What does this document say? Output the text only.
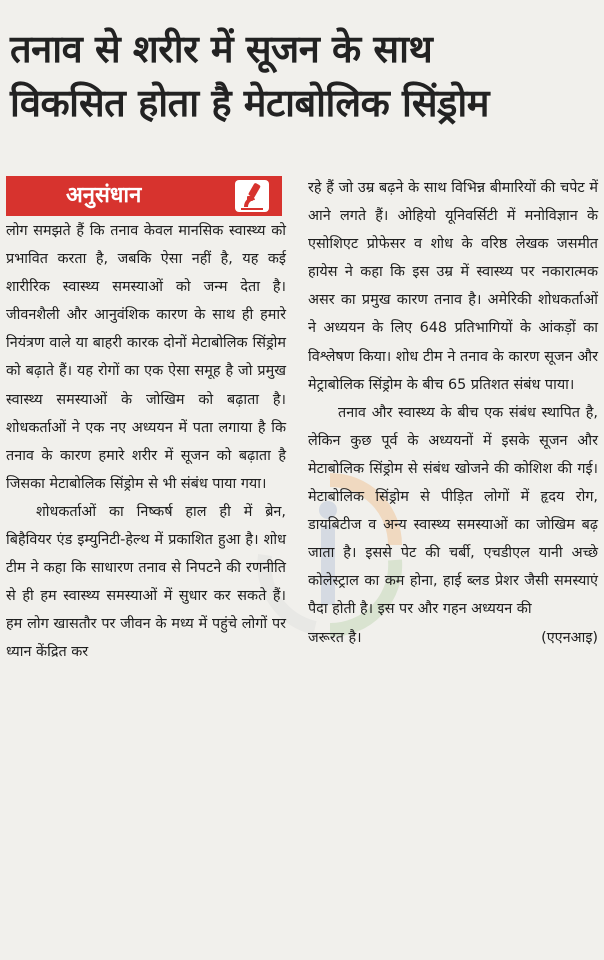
तनाव से शरीर में सूजन के साथ
विकसित होता है मेटाबोलिक सिंड्रोम
अनुसंधान

लोग समझते हैं कि तनाव केवल मानसिक स्वास्थ्य को प्रभावित करता है, जबकि ऐसा नहीं है, यह कई शारीरिक स्वास्थ्य समस्याओं को जन्म देता है। जीवनशैली और आनुवंशिक कारण के साथ ही हमारे नियंत्रण वाले या बाहरी कारक दोनों मेटाबोलिक सिंड्रोम को बढ़ाते हैं। यह रोगों का एक ऐसा समूह है जो प्रमुख स्वास्थ्य समस्याओं के जोखिम को बढ़ाता है। शोधकर्ताओं ने एक नए अध्ययन में पता लगाया है कि तनाव के कारण हमारे शरीर में सूजन को बढ़ाता है जिसका मेटाबोलिक सिंड्रोम से भी संबंध पाया गया।

शोधकर्ताओं का निष्कर्ष हाल ही में ब्रेन, बिहैवियर एंड इम्युनिटी-हेल्थ में प्रकाशित हुआ है। शोध टीम ने कहा कि साधारण तनाव से निपटने की रणनीति से ही हम स्वास्थ्य समस्याओं में सुधार कर सकते हैं। हम लोग खासतौर पर जीवन के मध्य में पहुंचे लोगों पर ध्यान केंद्रित कर

रहे हैं जो उम्र बढ़ने के साथ विभिन्न बीमारियों की चपेट में आने लगते हैं। ओहियो यूनिवर्सिटी में मनोविज्ञान के एसोशिएट प्रोफेसर व शोध के वरिष्ठ लेखक जसमीत हायेस ने कहा कि इस उम्र में स्वास्थ्य पर नकारात्मक असर का प्रमुख कारण तनाव है। अमेरिकी शोधकर्ताओं ने अध्ययन के लिए 648 प्रतिभागियों के आंकड़ों का विश्लेषण किया। शोध टीम ने तनाव के कारण सूजन और मेट्राबोलिक सिंड्रोम के बीच 65 प्रतिशत संबंध पाया।

तनाव और स्वास्थ्य के बीच एक संबंध स्थापित है, लेकिन कुछ पूर्व के अध्ययनों में इसके सूजन और मेटाबोलिक सिंड्रोम से संबंध खोजने की कोशिश की गई। मेटाबोलिक सिंड्रोम से पीड़ित लोगों में हृदय रोग, डायबिटीज व अन्य स्वास्थ्य समस्याओं का जोखिम बढ़ जाता है। इससे पेट की चर्बी, एचडीएल यानी अच्छे कोलेस्ट्राल का कम होना, हाई ब्लड प्रेशर जैसी समस्याएं पैदा होती है। इस पर और गहन अध्ययन की

जरूरत है।	(एएनआइ)
